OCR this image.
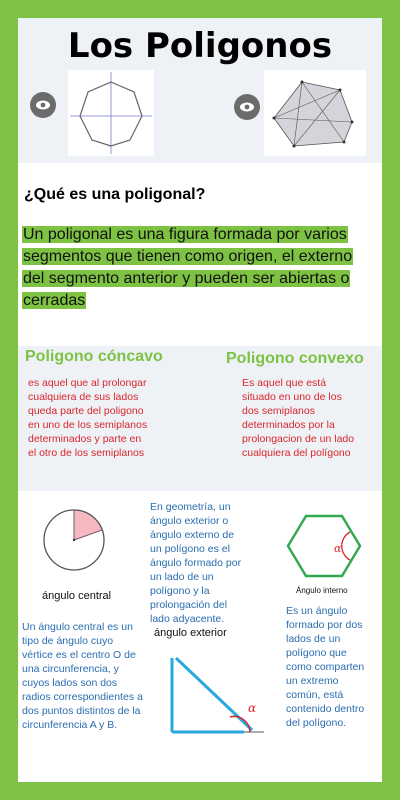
Los Poligonos
¿Qué es una poligonal?
Un poligonal es una figura formada por varios segmentos que tienen como origen, el externo del segmento anterior y pueden ser abiertas o cerradas
Poligono cóncavo
es aquel que al prolongar cualquiera de sus lados queda parte del poligono en uno de los semiplanos determinados y parte en el otro de los semiplanos
Poligono convexo
Es aquel que está situado en uno de los dos semiplanos determinados por la prolongacion de un lado cualquiera del polígono
ángulo central
Un ángulo central es un tipo de ángulo cuyo vértice es el centro O de una circunferencia, y cuyos lados son dos radios correspondientes a dos puntos distintos de la circunferencia A y B.
En geometría, un ángulo exterior o ángulo externo de un polígono es el ángulo formado por un lado de un polígono y la prolongación del lado adyacente.
ángulo exterior
α
α
Ángulo interno
Es un ángulo formado por dos lados de un polígono que como comparten un extremo común, está contenido dentro del polígono.
